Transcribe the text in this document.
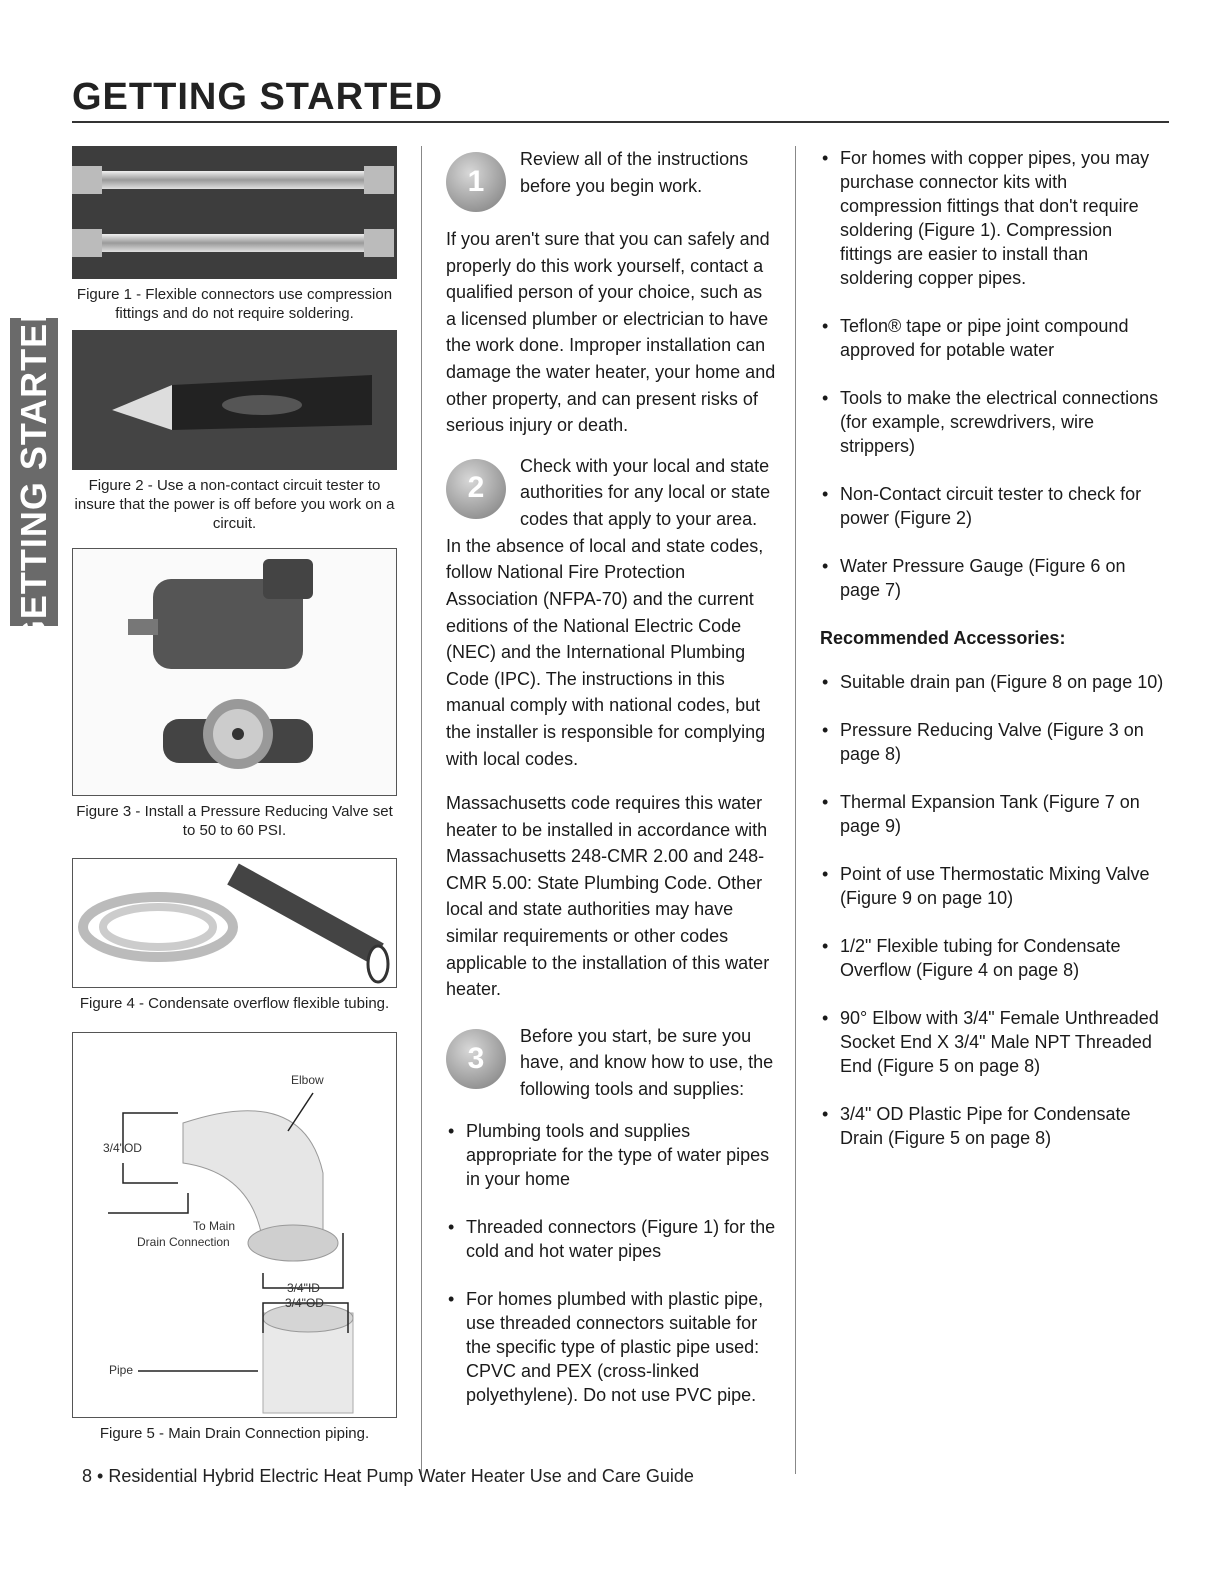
GETTING STARTED
GETTING STARTED
Figure 1 - Flexible connectors use compression fittings and do not require soldering.
Figure 2 - Use a non-contact circuit tester to insure that the power is off before you work on a circuit.
Figure 3 - Install a Pressure Reducing Valve set to 50 to 60 PSI.
Figure 4 - Condensate overflow flexible tubing.
Elbow
3/4"OD
To Main
Drain Connection
3/4"ID
3/4"OD
Pipe
Figure 5 - Main Drain Connection piping.
1
Review all of the instructions before you begin work.

If you aren't sure that you can safely and properly do this work yourself, contact a qualified person of your choice, such as a licensed plumber or electrician to have the work done. Improper installation can damage the water heater, your home and other property, and can present risks of serious injury or death.

2
Check with your local and state authorities for any local or state codes that apply to your area.

In the absence of local and state codes, follow National Fire Protection Association (NFPA-70) and the current editions of the National Electric Code (NEC) and the International Plumbing Code (IPC). The instructions in this manual comply with national codes, but the installer is responsible for complying with local codes.

Massachusetts code requires this water heater to be installed in accordance with Massachusetts 248-CMR 2.00 and 248-CMR 5.00: State Plumbing Code. Other local and state authorities may have similar requirements or other codes applicable to the installation of this water heater.

3
Before you start, be sure you have, and know how to use, the following tools and supplies:
• Plumbing tools and supplies appropriate for the type of water pipes in your home
• Threaded connectors (Figure 1) for the cold and hot water pipes
• For homes plumbed with plastic pipe, use threaded connectors suitable for the specific type of plastic pipe used: CPVC and PEX (cross-linked polyethylene). Do not use PVC pipe.
• For homes with copper pipes, you may purchase connector kits with compression fittings that don't require soldering (Figure 1). Compression fittings are easier to install than soldering copper pipes.
• Teflon® tape or pipe joint compound approved for potable water
• Tools to make the electrical connections (for example, screwdrivers, wire strippers)
• Non-Contact circuit tester to check for power (Figure 2)
• Water Pressure Gauge (Figure 6 on page 7)
Recommended Accessories:
• Suitable drain pan (Figure 8 on page 10)
• Pressure Reducing Valve (Figure 3 on page 8)
• Thermal Expansion Tank (Figure 7 on page 9)
• Point of use Thermostatic Mixing Valve (Figure 9 on page 10)
• 1/2" Flexible tubing for Condensate Overflow (Figure 4 on page 8)
• 90° Elbow with 3/4" Female Unthreaded Socket End X 3/4" Male NPT Threaded End (Figure 5 on page 8)
• 3/4" OD Plastic Pipe for Condensate Drain (Figure 5 on page 8)
8 • Residential Hybrid Electric Heat Pump Water Heater Use and Care Guide
